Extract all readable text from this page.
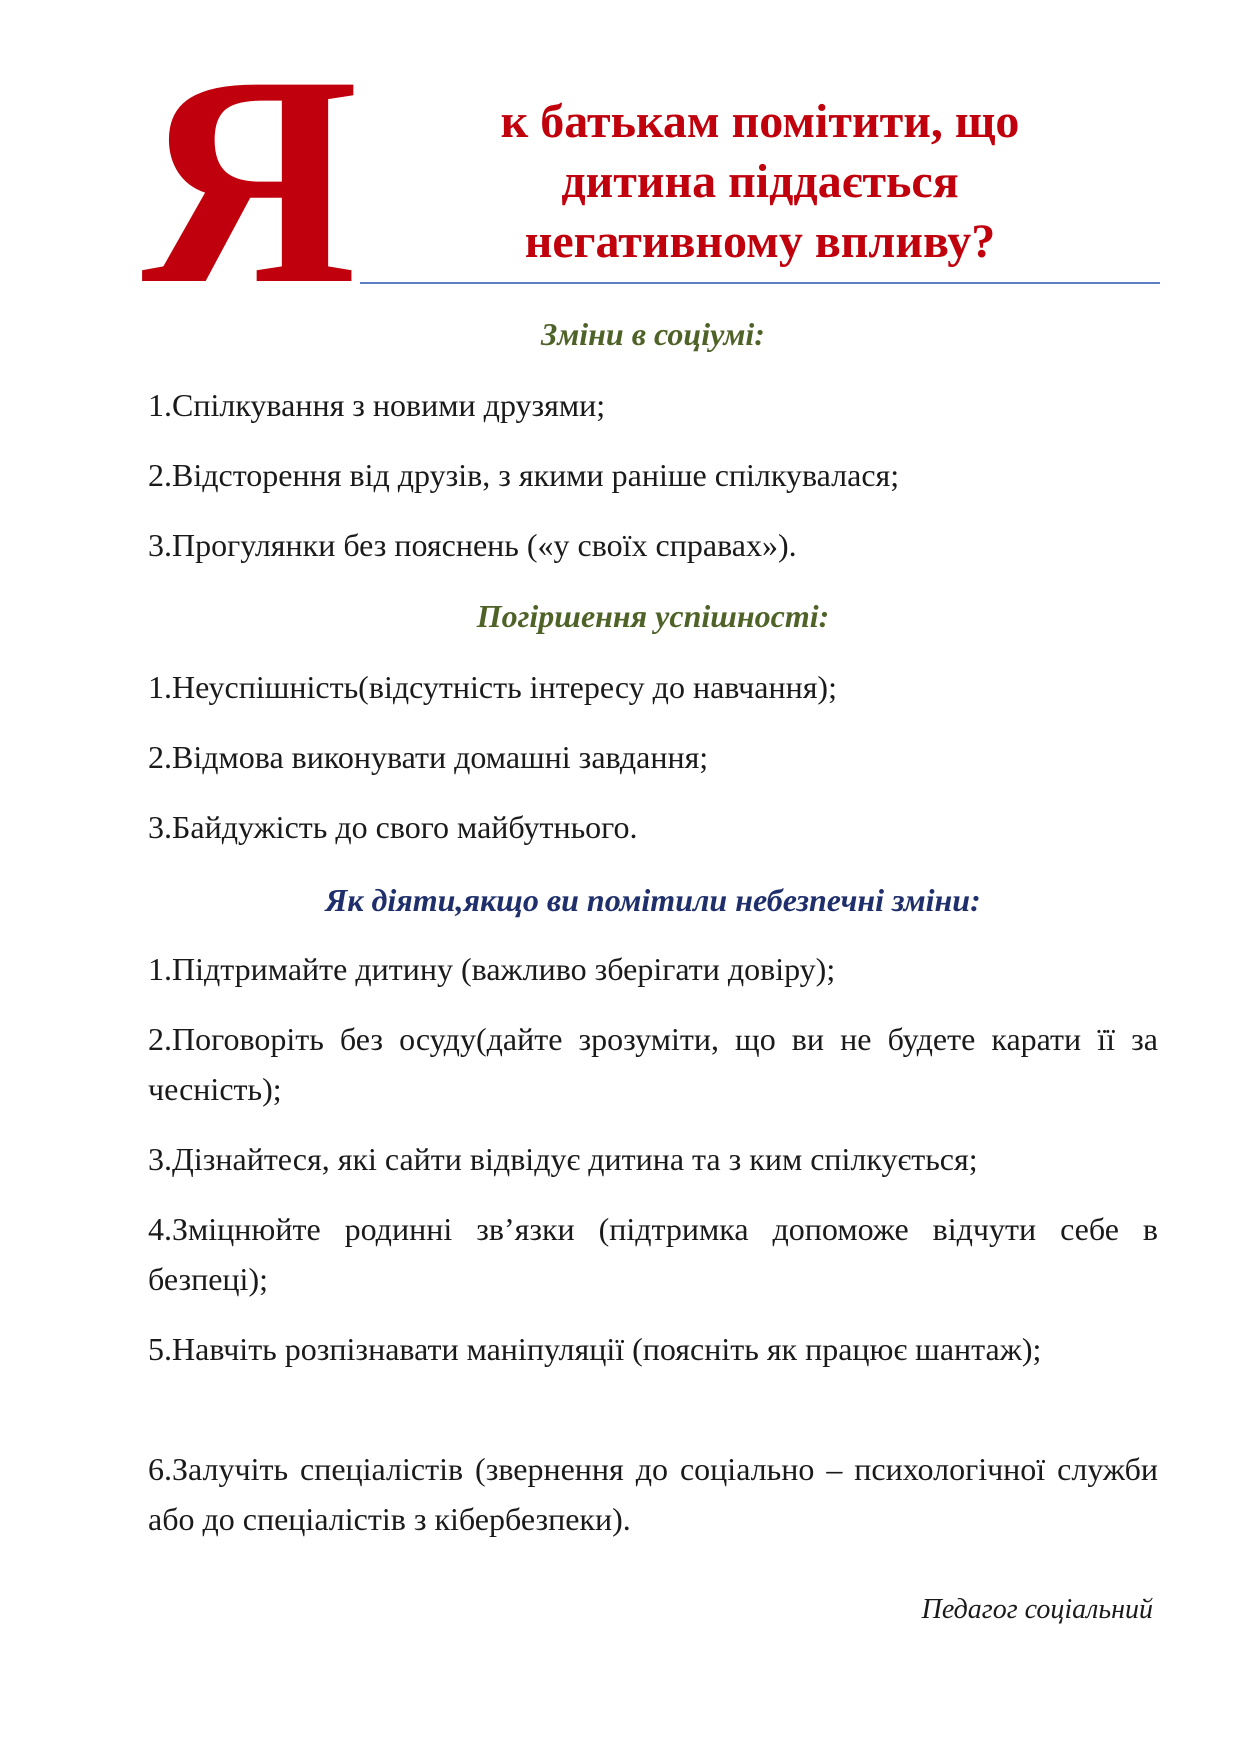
Я	к батькам помітити, що
дитина піддається
негативному впливу?
Зміни в соціумі:

1.Спілкування з новими друзями;

2.Відсторення від друзів, з якими раніше спілкувалася;

3.Прогулянки без пояснень («у своїх справах»).

Погіршення успішності:

1.Неуспішність(відсутність інтересу до навчання);

2.Відмова виконувати домашні завдання;

3.Байдужість до свого майбутнього.

Як діяти,якщо ви помітили небезпечні зміни:

1.Підтримайте дитину (важливо зберігати довіру);

2.Поговоріть без осуду(дайте зрозуміти, що ви не будете карати її за чесність);

3.Дізнайтеся, які сайти відвідує дитина та з ким спілкується;

4.Зміцнюйте родинні зв’язки (підтримка допоможе відчути себе в безпеці);

5.Навчіть розпізнавати маніпуляції (поясніть як працює шантаж);

6.Залучіть спеціалістів (звернення до соціально – психологічної служби або до спеціалістів з кібербезпеки).

Педагог соціальний
